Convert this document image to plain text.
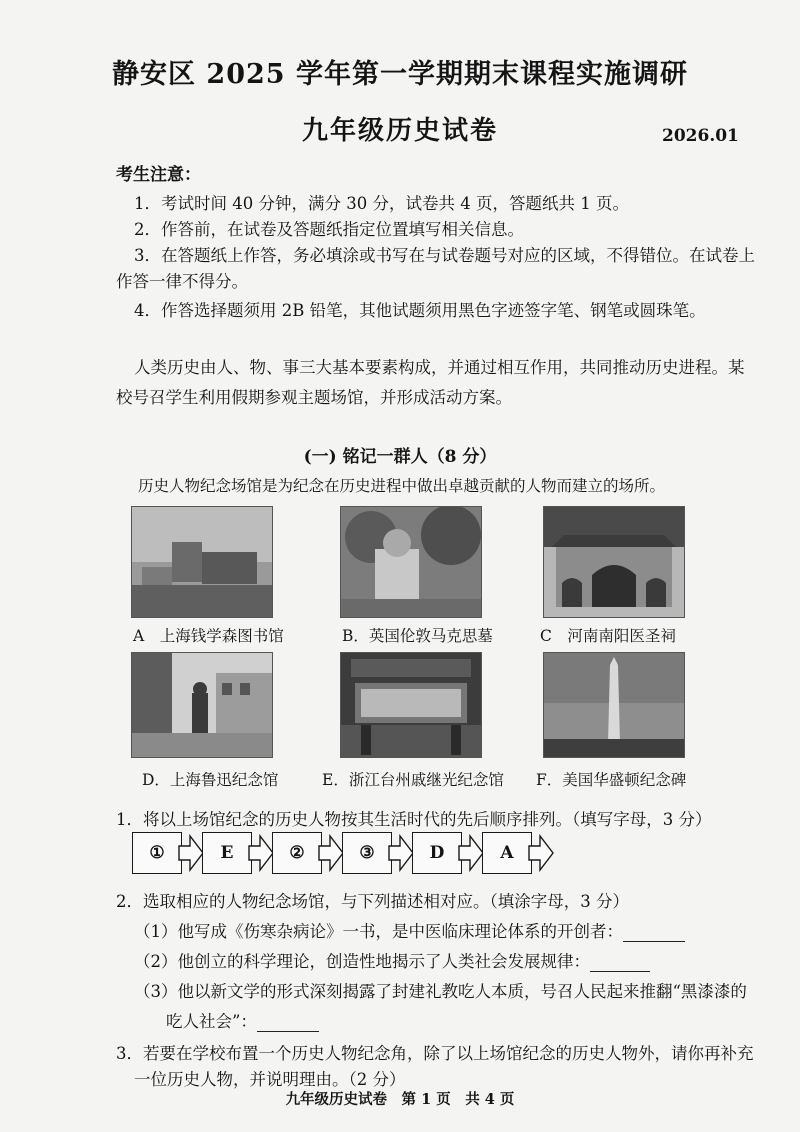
静安区 2025 学年第一学期期末课程实施调研
九年级历史试卷	2026.01
考生注意：
1．考试时间 40 分钟，满分 30 分，试卷共 4 页，答题纸共 1 页。
2．作答前，在试卷及答题纸指定位置填写相关信息。
3．在答题纸上作答，务必填涂或书写在与试卷题号对应的区域，不得错位。在试卷上
作答一律不得分。
4．作答选择题须用 2B 铅笔，其他试题须用黑色字迹签字笔、钢笔或圆珠笔。
人类历史由人、物、事三大基本要素构成，并通过相互作用，共同推动历史进程。某
校号召学生利用假期参观主题场馆，并形成活动方案。
(一) 铭记一群人（8 分）
历史人物纪念场馆是为纪念在历史进程中做出卓越贡献的人物而建立的场所。
A　上海钱学森图书馆	B．英国伦敦马克思墓	C　河南南阳医圣祠
D．上海鲁迅纪念馆	E．浙江台州戚继光纪念馆 F．美国华盛顿纪念碑
1．将以上场馆纪念的历史人物按其生活时代的先后顺序排列。（填写字母，3 分）
①	E	②	③	D	A
2．选取相应的人物纪念场馆，与下列描述相对应。（填涂字母，3 分）
（1）他写成《伤寒杂病论》一书，是中医临床理论体系的开创者：
（2）他创立的科学理论，创造性地揭示了人类社会发展规律：
（3）他以新文学的形式深刻揭露了封建礼教吃人本质，号召人民起来推翻“黑漆漆的
吃人社会”：
3．若要在学校布置一个历史人物纪念角，除了以上场馆纪念的历史人物外，请你再补充
一位历史人物，并说明理由。（2 分）
九年级历史试卷　第 1 页　共 4 页
